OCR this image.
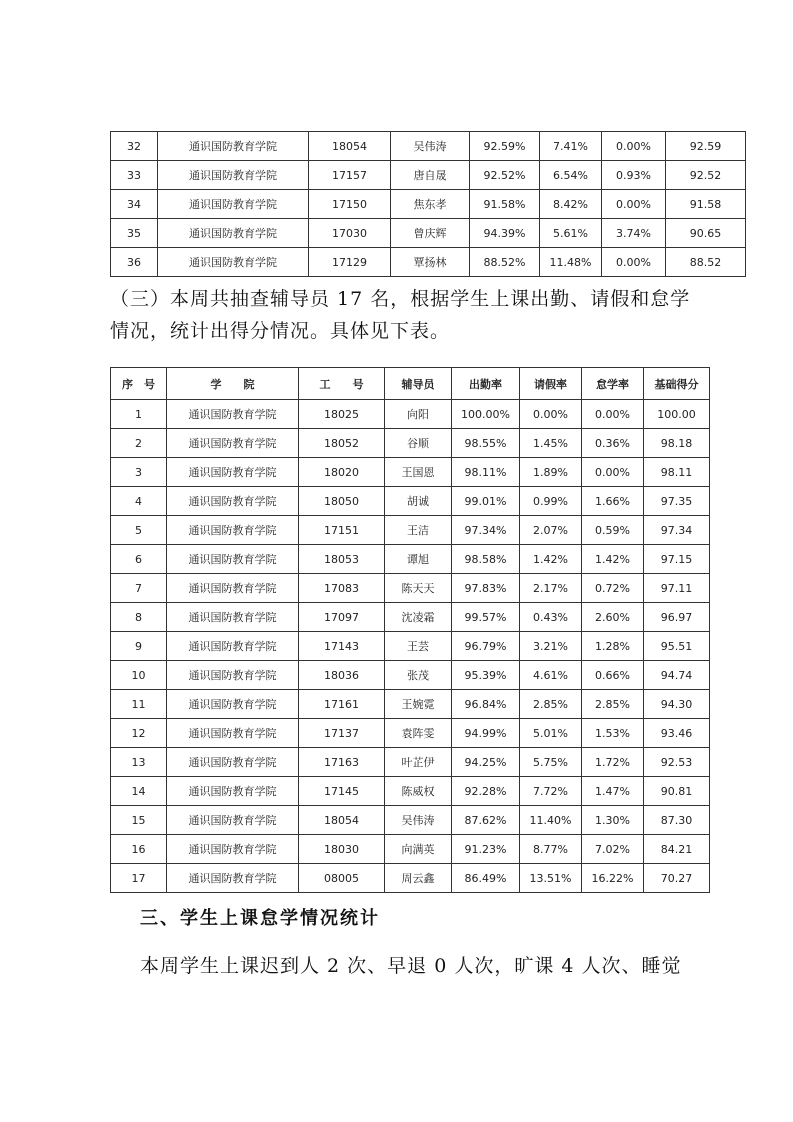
32	通识国防教育学院	18054	吴伟涛	92.59%	7.41%	0.00%	92.59
33	通识国防教育学院	17157	唐自晟	92.52%	6.54%	0.93%	92.52
34	通识国防教育学院	17150	焦东孝	91.58%	8.42%	0.00%	91.58
35	通识国防教育学院	17030	曾庆辉	94.39%	5.61%	3.74%	90.65
36	通识国防教育学院	17129	覃扬林	88.52%	11.48%	0.00%	88.52

（三）本周共抽查辅导员 17 名，根据学生上课出勤、请假和怠学情况，统计出得分情况。具体见下表。

序　号	学　　院	工　　号	辅导员	出勤率	请假率	怠学率	基础得分
1	通识国防教育学院	18025	向阳	100.00%	0.00%	0.00%	100.00
2	通识国防教育学院	18052	谷顺	98.55%	1.45%	0.36%	98.18
3	通识国防教育学院	18020	王国恩	98.11%	1.89%	0.00%	98.11
4	通识国防教育学院	18050	胡诚	99.01%	0.99%	1.66%	97.35
5	通识国防教育学院	17151	王洁	97.34%	2.07%	0.59%	97.34
6	通识国防教育学院	18053	谭旭	98.58%	1.42%	1.42%	97.15
7	通识国防教育学院	17083	陈天天	97.83%	2.17%	0.72%	97.11
8	通识国防教育学院	17097	沈凌霜	99.57%	0.43%	2.60%	96.97
9	通识国防教育学院	17143	王芸	96.79%	3.21%	1.28%	95.51
10	通识国防教育学院	18036	张茂	95.39%	4.61%	0.66%	94.74
11	通识国防教育学院	17161	王婉霓	96.84%	2.85%	2.85%	94.30
12	通识国防教育学院	17137	袁阵雯	94.99%	5.01%	1.53%	93.46
13	通识国防教育学院	17163	叶芷伊	94.25%	5.75%	1.72%	92.53
14	通识国防教育学院	17145	陈威权	92.28%	7.72%	1.47%	90.81
15	通识国防教育学院	18054	吴伟涛	87.62%	11.40%	1.30%	87.30
16	通识国防教育学院	18030	向满英	91.23%	8.77%	7.02%	84.21
17	通识国防教育学院	08005	周云鑫	86.49%	13.51%	16.22%	70.27
三、学生上课怠学情况统计

本周学生上课迟到人 2 次、早退 0 人次，旷课 4 人次、睡觉
